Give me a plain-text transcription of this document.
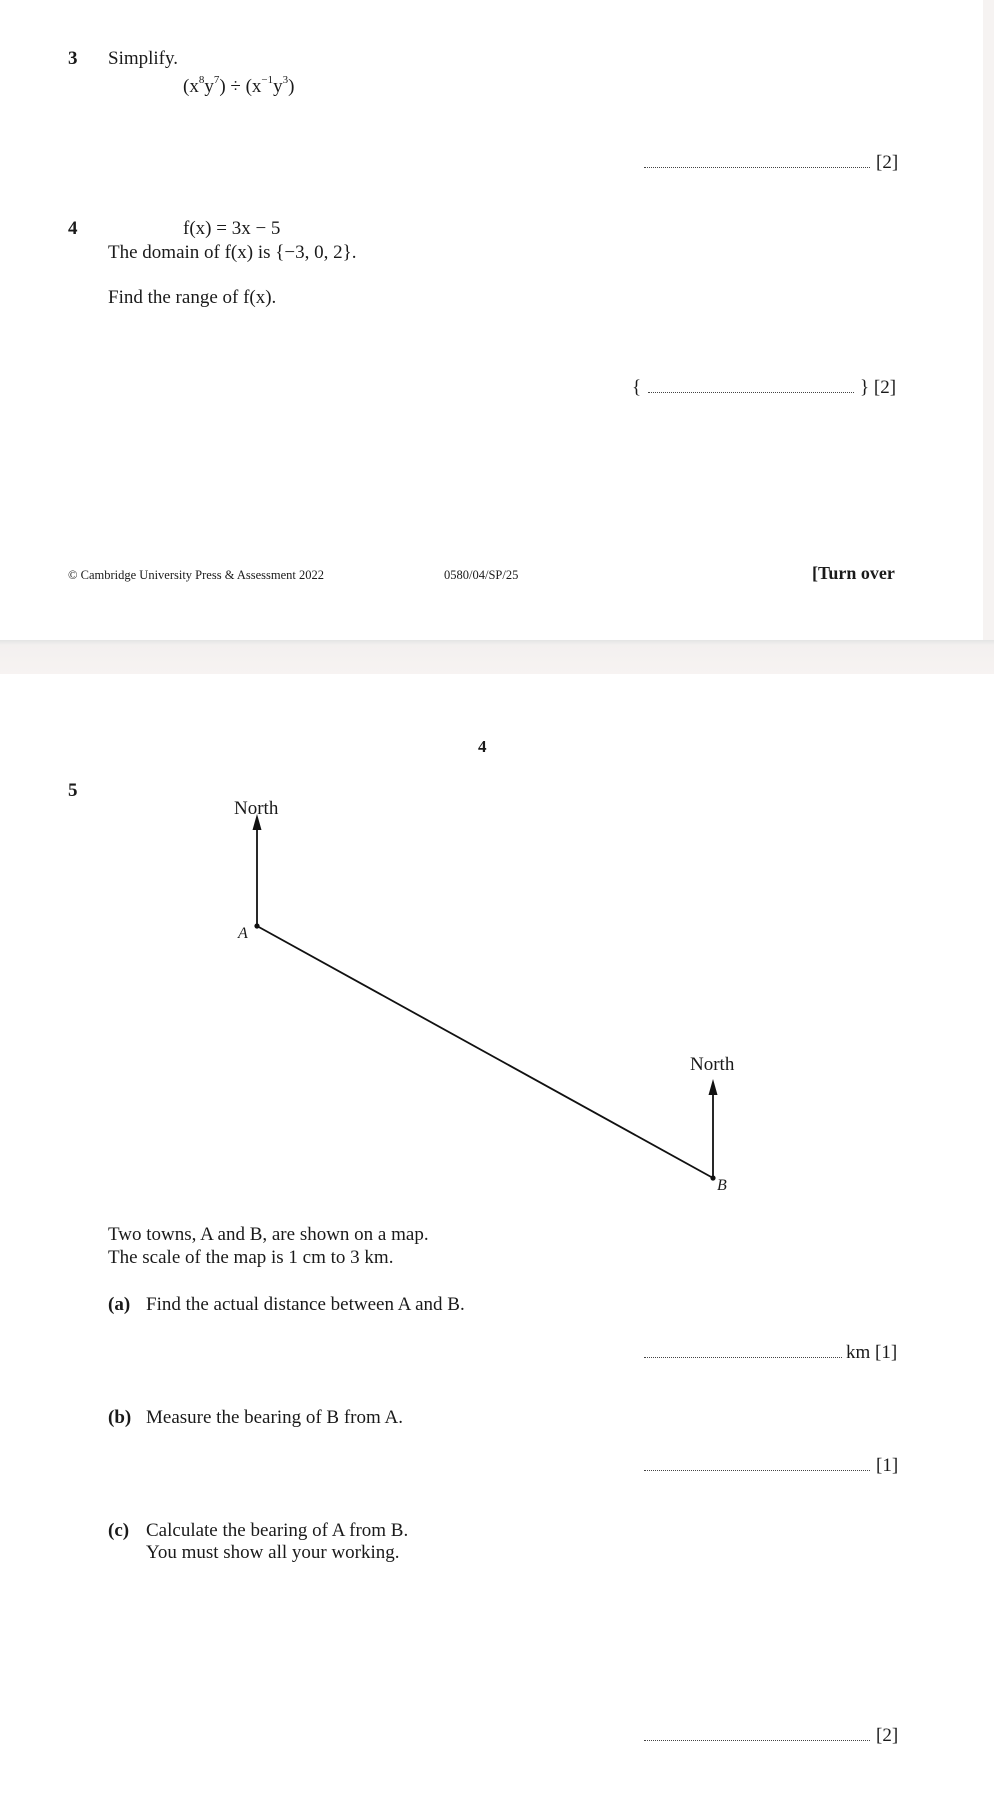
3 Simplify.
$(x^8y^7) \div (x^{-1}y^3)$
[2]
4	f(x) = 3x − 5
The domain of f(x) is {−3, 0, 2}.
Find the range of f(x).
{	} [2]
© Cambridge University Press & Assessment 2022	0580/04/SP/25	[Turn over
4
5
North
North
A
B
Two towns, A and B, are shown on a map.
The scale of the map is 1 cm to 3 km.
(a) Find the actual distance between A and B.
km [1]
(b) Measure the bearing of B from A.
[1]
(c) Calculate the bearing of A from B.
You must show all your working.
[2]
